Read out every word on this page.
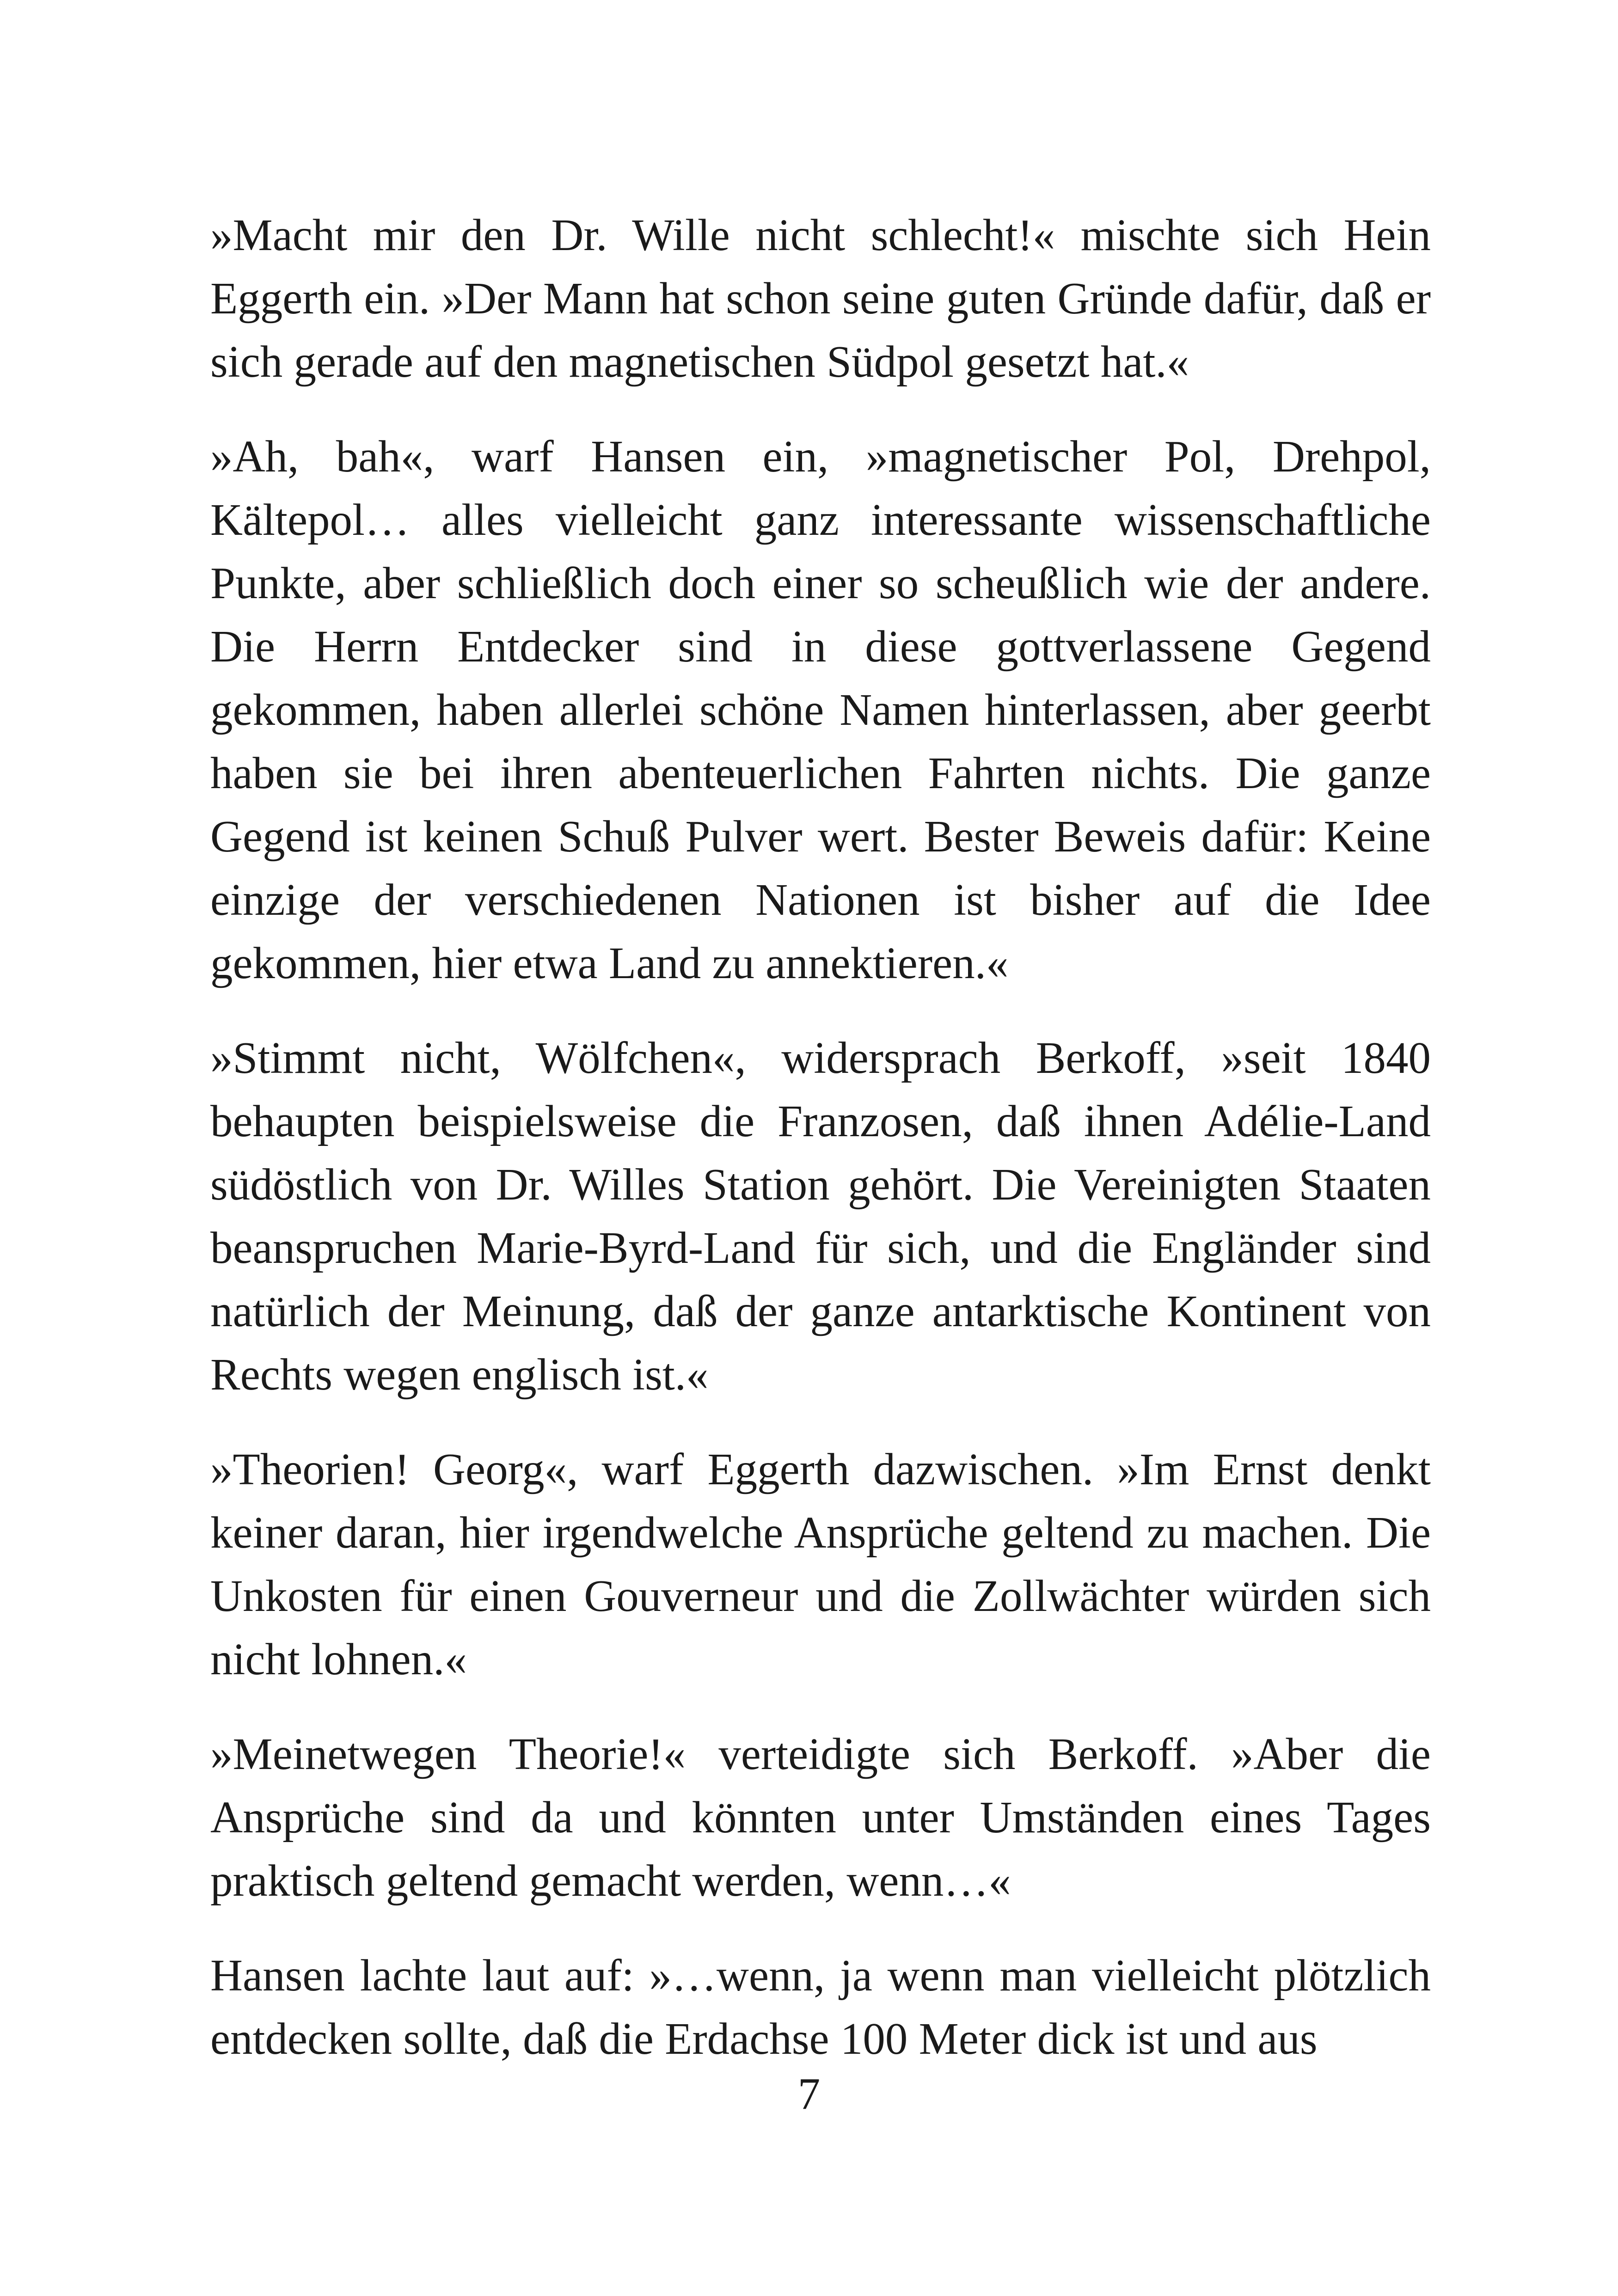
»Macht mir den Dr. Wille nicht schlecht!« mischte sich Hein Eggerth ein. »Der Mann hat schon seine guten Gründe dafür, daß er sich gerade auf den magnetischen Südpol gesetzt hat.«

»Ah, bah«, warf Hansen ein, »magnetischer Pol, Drehpol, Kältepol… alles vielleicht ganz interessante wissenschaftliche Punkte, aber schließlich doch einer so scheußlich wie der andere. Die Herrn Entdecker sind in diese gottverlassene Gegend gekommen, haben allerlei schöne Namen hinterlassen, aber geerbt haben sie bei ihren abenteuerlichen Fahrten nichts. Die ganze Gegend ist keinen Schuß Pulver wert. Bester Beweis dafür: Keine einzige der verschiedenen Nationen ist bisher auf die Idee gekommen, hier etwa Land zu annektieren.«

»Stimmt nicht, Wölfchen«, widersprach Berkoff, »seit 1840 behaupten beispielsweise die Franzosen, daß ihnen Adélie-Land südöstlich von Dr. Willes Station gehört. Die Vereinigten Staaten beanspruchen Marie-Byrd-Land für sich, und die Engländer sind natürlich der Meinung, daß der ganze antarktische Kontinent von Rechts wegen englisch ist.«

»Theorien! Georg«, warf Eggerth dazwischen. »Im Ernst denkt keiner daran, hier irgendwelche Ansprüche geltend zu machen. Die Unkosten für einen Gouverneur und die Zollwächter würden sich nicht lohnen.«

»Meinetwegen Theorie!« verteidigte sich Berkoff. »Aber die Ansprüche sind da und könnten unter Umständen eines Tages praktisch geltend gemacht werden, wenn…«

Hansen lachte laut auf: »…wenn, ja wenn man vielleicht plötzlich entdecken sollte, daß die Erdachse 100 Meter dick ist und aus

7
